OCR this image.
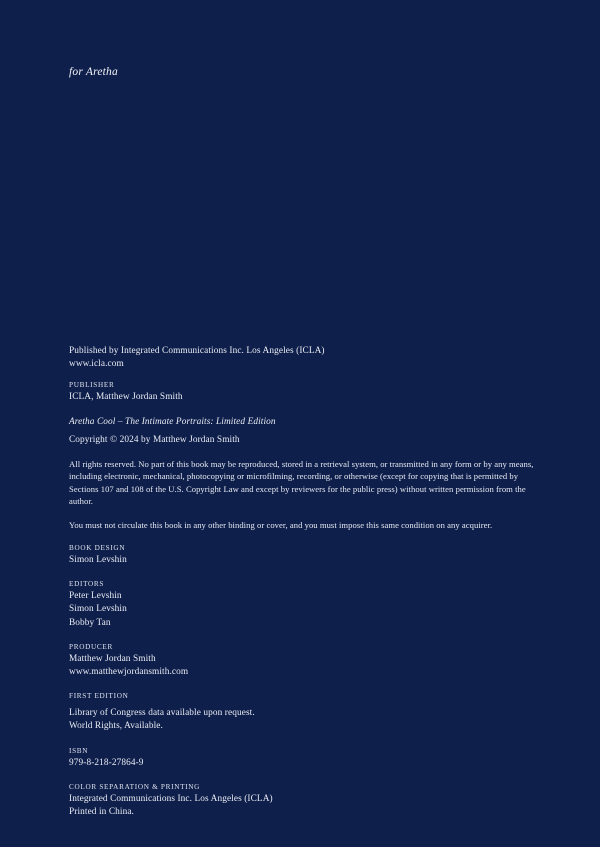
for Aretha
Published by Integrated Communications Inc. Los Angeles (ICLA)
www.icla.com
PUBLISHER
ICLA, Matthew Jordan Smith
Aretha Cool – The Intimate Portraits: Limited Edition
Copyright © 2024 by Matthew Jordan Smith
All rights reserved. No part of this book may be reproduced, stored in a retrieval system, or transmitted in any form or by any means, including electronic, mechanical, photocopying or microfilming, recording, or otherwise (except for copying that is permitted by Sections 107 and 108 of the U.S. Copyright Law and except by reviewers for the public press) without written permission from the author.
You must not circulate this book in any other binding or cover, and you must impose this same condition on any acquirer.
BOOK DESIGN
Simon Levshin
EDITORS
Peter Levshin
Simon Levshin
Bobby Tan
PRODUCER
Matthew Jordan Smith
www.matthewjordansmith.com
FIRST EDITION
Library of Congress data available upon request.
World Rights, Available.
ISBN
979-8-218-27864-9
COLOR SEPARATION & PRINTING
Integrated Communications Inc. Los Angeles (ICLA)
Printed in China.
